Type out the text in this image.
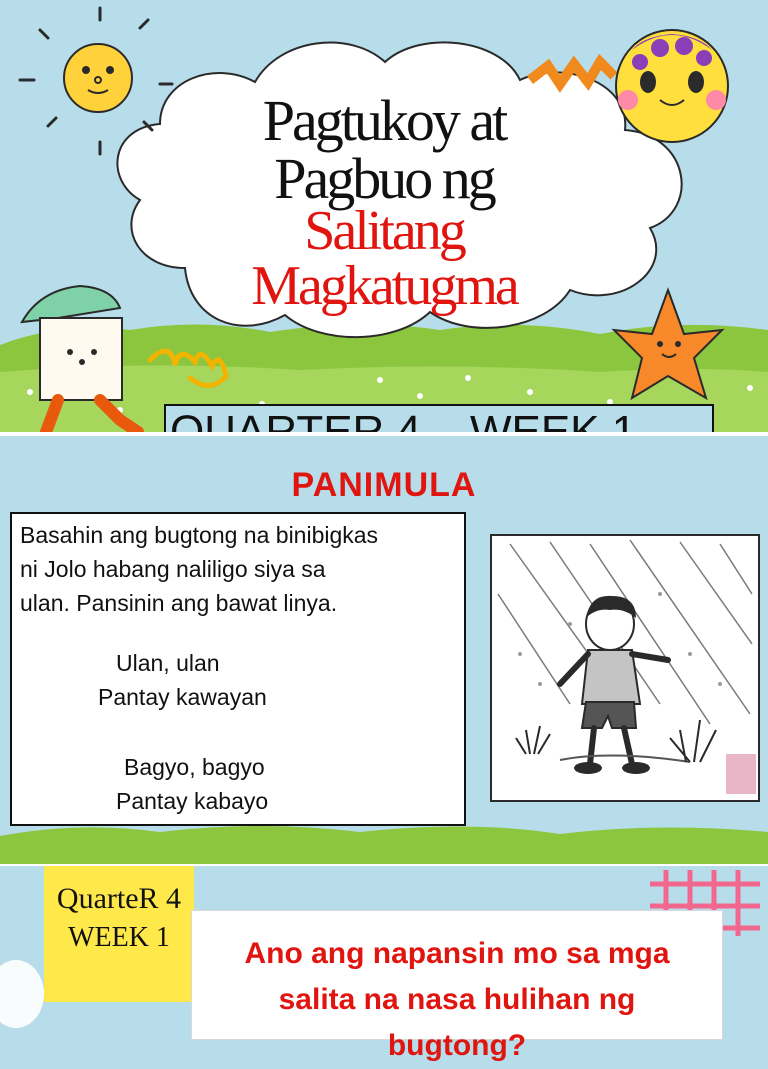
Pagtukoy at
Pagbuo ng
Salitang
Magkatugma
PANIMULA
Basahin ang bugtong na binibigkas
ni Jolo habang naliligo siya sa
ulan. Pansinin ang bawat linya.
Ulan, ulan
Pantay kawayan
Bagyo, bagyo
Pantay kabayo
QuarteR 4
WEEK 1	Ano ang napansin mo sa mga
salita na nasa hulihan ng
bugtong?
